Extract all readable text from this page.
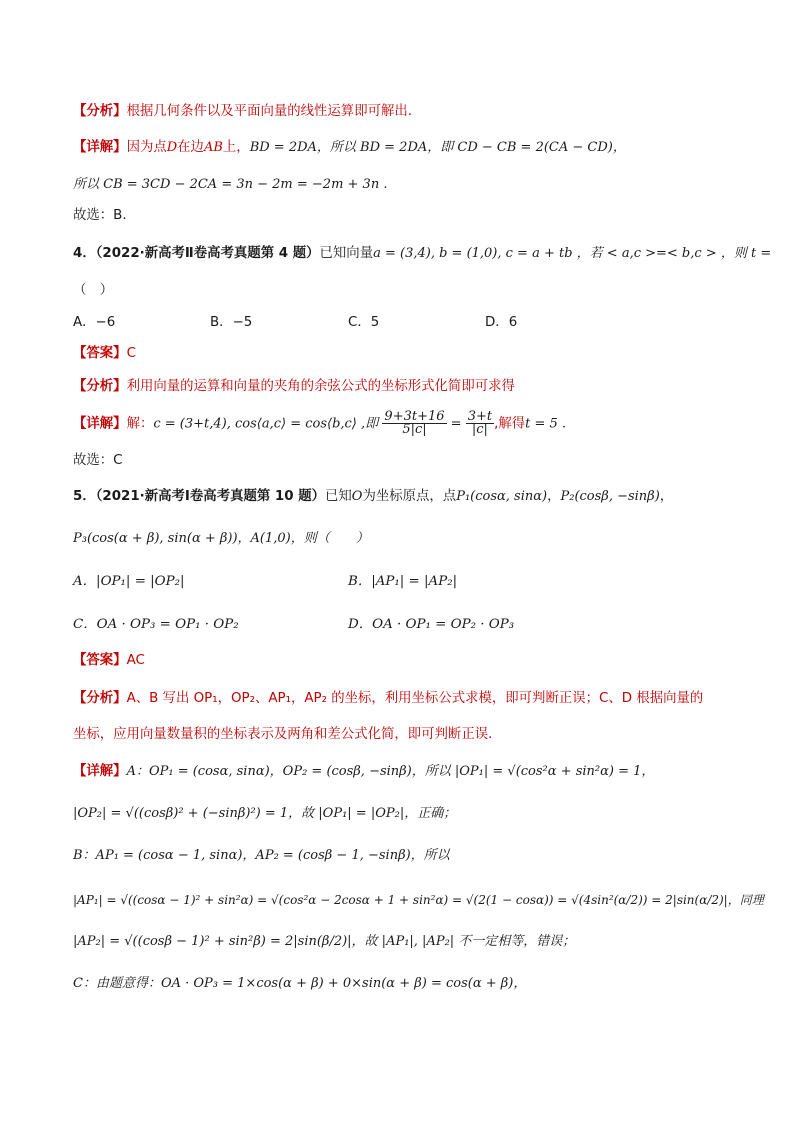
【分析】根据几何条件以及平面向量的线性运算即可解出.
【详解】因为点D在边AB上，BD = 2DA，所以 BD = 2DA，即 CD − CB = 2(CA − CD)，
所以 CB = 3CD − 2CA = 3n − 2m = −2m + 3n .
故选：B.
4．（2022·新高考Ⅱ卷高考真题第 4 题）已知向量a = (3,4), b = (1,0), c = a + tb ，若 < a,c >=< b,c > ，则 t =
（　）
A．−6	B．−5	C．5	D．6
【答案】C
【分析】利用向量的运算和向量的夹角的余弦公式的坐标形式化简即可求得
【详解】解：c = (3+t,4), cos⟨a,c⟩ = cos⟨b,c⟩ ,即 $\frac{9+3t+16}{5|c|} = \frac{3+t}{|c|}$ ,解得t = 5 .
故选：C
5．（2021·新高考Ⅰ卷高考真题第 10 题）已知O为坐标原点，点P₁(cosα, sinα)，P₂(cosβ, −sinβ)，
P₃(cos(α + β), sin(α + β))，A(1,0)，则（　　）
A．|OP₁| = |OP₂|	B．|AP₁| = |AP₂|
C．OA · OP₃ = OP₁ · OP₂	D．OA · OP₁ = OP₂ · OP₃
【答案】AC
【分析】A、B 写出 OP₁，OP₂、AP₁，AP₂ 的坐标，利用坐标公式求模，即可判断正误；C、D 根据向量的
坐标，应用向量数量积的坐标表示及两角和差公式化简，即可判断正误.
【详解】A：OP₁ = (cosα, sinα)，OP₂ = (cosβ, −sinβ)，所以 |OP₁| = √(cos²α + sin²α) = 1，
|OP₂| = √((cosβ)² + (−sinβ)²) = 1，故 |OP₁| = |OP₂|，正确；
B：AP₁ = (cosα − 1, sinα)，AP₂ = (cosβ − 1, −sinβ)，所以
|AP₁| = √((cosα − 1)² + sin²α) = √(cos²α − 2cosα + 1 + sin²α) = √(2(1 − cosα)) = √(4sin²(α/2)) = 2|sin(α/2)|，同理
|AP₂| = √((cosβ − 1)² + sin²β) = 2|sin(β/2)|，故 |AP₁|, |AP₂| 不一定相等，错误；
C：由题意得：OA · OP₃ = 1×cos(α + β) + 0×sin(α + β) = cos(α + β)，
